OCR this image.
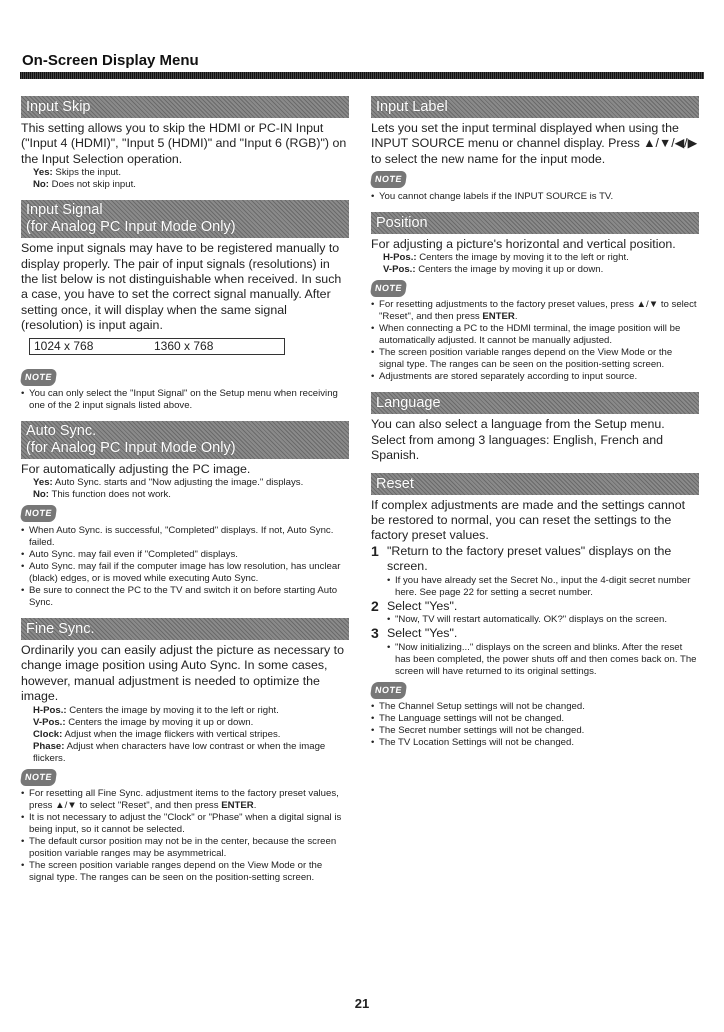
On-Screen Display Menu
Input Skip

This setting allows you to skip the HDMI or PC-IN Input ("Input 4 (HDMI)", "Input 5 (HDMI)" and "Input 6 (RGB)") on the Input Selection operation.

Yes: Skips the input.
No: Does not skip input.
Input Signal
(for Analog PC Input Mode Only)

Some input signals may have to be registered manually to display properly. The pair of input signals (resolutions) in the list below is not distinguishable when received. In such a case, you have to set the correct signal manually. After setting once, it will display when the same signal (resolution) is input again.

1024 x 768	1360 x 768
NOTE
• You can only select the "Input Signal" on the Setup menu when receiving one of the 2 input signals listed above.
Auto Sync.
(for Analog PC Input Mode Only)

For automatically adjusting the PC image.

Yes: Auto Sync. starts and "Now adjusting the image." displays.
No: This function does not work.
NOTE
• When Auto Sync. is successful, "Completed" displays. If not, Auto Sync. failed.
• Auto Sync. may fail even if "Completed" displays.
• Auto Sync. may fail if the computer image has low resolution, has unclear (black) edges, or is moved while executing Auto Sync.
• Be sure to connect the PC to the TV and switch it on before starting Auto Sync.
Fine Sync.

Ordinarily you can easily adjust the picture as necessary to change image position using Auto Sync. In some cases, however, manual adjustment is needed to optimize the image.

H-Pos.: Centers the image by moving it to the left or right.
V-Pos.: Centers the image by moving it up or down.
Clock: Adjust when the image flickers with vertical stripes.
Phase: Adjust when characters have low contrast or when the image flickers.
NOTE
• For resetting all Fine Sync. adjustment items to the factory preset values, press ▲/▼ to select "Reset", and then press ENTER.
• It is not necessary to adjust the "Clock" or "Phase" when a digital signal is being input, so it cannot be selected.
• The default cursor position may not be in the center, because the screen position variable ranges may be asymmetrical.
• The screen position variable ranges depend on the View Mode or the signal type. The ranges can be seen on the position-setting screen.
Input Label

Lets you set the input terminal displayed when using the INPUT SOURCE menu or channel display. Press ▲/▼/◀/▶ to select the new name for the input mode.

NOTE
• You cannot change labels if the INPUT SOURCE is TV.
Position

For adjusting a picture's horizontal and vertical position.

H-Pos.: Centers the image by moving it to the left or right.
V-Pos.: Centers the image by moving it up or down.
NOTE
• For resetting adjustments to the factory preset values, press ▲/▼ to select "Reset", and then press ENTER.
• When connecting a PC to the HDMI terminal, the image position will be automatically adjusted. It cannot be manually adjusted.
• The screen position variable ranges depend on the View Mode or the signal type. The ranges can be seen on the position-setting screen.
• Adjustments are stored separately according to input source.
Language

You can also select a language from the Setup menu. Select from among 3 languages: English, French and Spanish.

Reset

If complex adjustments are made and the settings cannot be restored to normal, you can reset the settings to the factory preset values.

1 "Return to the factory preset values" displays on the screen.
• If you have already set the Secret No., input the 4-digit secret number here. See page 22 for setting a secret number.
2 Select "Yes".
• "Now, TV will restart automatically. OK?" displays on the screen.
3 Select "Yes".
• "Now initializing..." displays on the screen and blinks. After the reset has been completed, the power shuts off and then comes back on. The screen will have returned to its original settings.
NOTE
• The Channel Setup settings will not be changed.
• The Language settings will not be changed.
• The Secret number settings will not be changed.
• The TV Location Settings will not be changed.
21
